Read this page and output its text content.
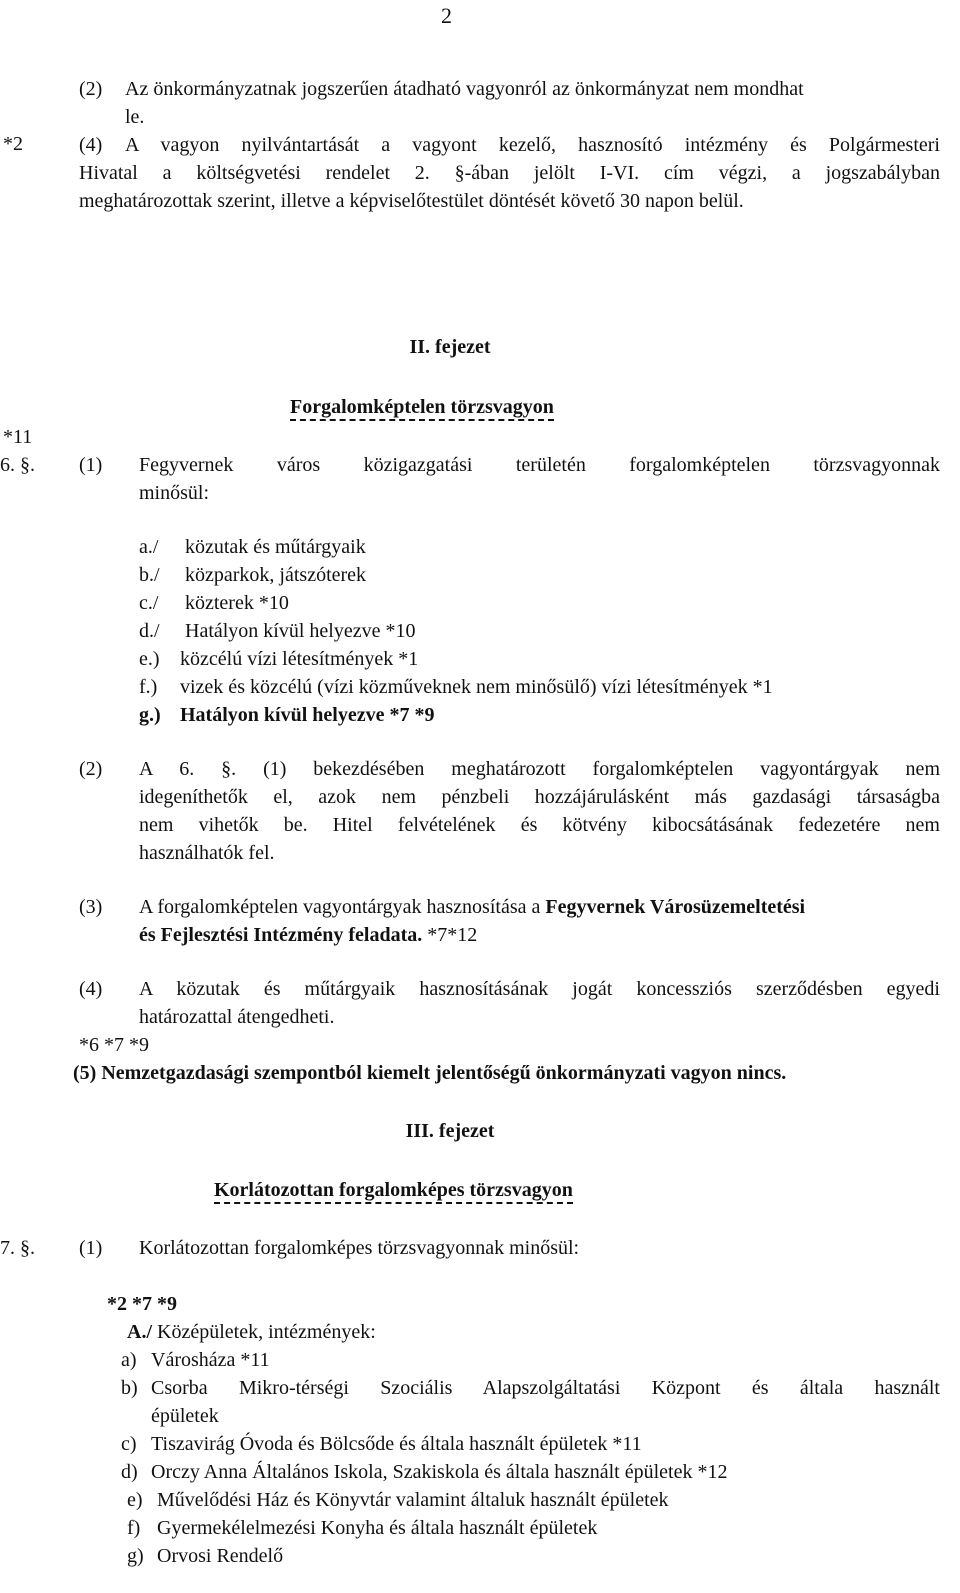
2
*2
*11
(2) Az önkormányzatnak jogszerűen átadható vagyonról az önkormányzat nem mondhat
le.
(4) A vagyon nyilvántartását a vagyont kezelő, hasznosító intézmény és Polgármesteri
Hivatal a költségvetési rendelet 2. §-ában jelölt I-VI. cím végzi, a jogszabályban
meghatározottak szerint, illetve a képviselőtestület döntését követő 30 napon belül.
II. fejezet
Forgalomképtelen törzsvagyon
6. §. (1) Fegyvernek város közigazgatási területén forgalomképtelen törzsvagyonnak
minősül:
a./ közutak és műtárgyaik
b./ közparkok, játszóterek
c./ közterek *10
d./ Hatályon kívül helyezve *10
e.) közcélú vízi létesítmények *1
f.) vizek és közcélú (vízi közműveknek nem minősülő) vízi létesítmények *1
g.) Hatályon kívül helyezve *7 *9
(2) A 6. §. (1) bekezdésében meghatározott forgalomképtelen vagyontárgyak nem
idegeníthetők el, azok nem pénzbeli hozzájárulásként más gazdasági társaságba
nem vihetők be. Hitel felvételének és kötvény kibocsátásának fedezetére nem
használhatók fel.
(3) A forgalomképtelen vagyontárgyak hasznosítása a Fegyvernek Városüzemeltetési
és Fejlesztési Intézmény feladata. *7*12
(4) A közutak és műtárgyaik hasznosításának jogát koncessziós szerződésben egyedi
határozattal átengedheti.
*6 *7 *9
(5) Nemzetgazdasági szempontból kiemelt jelentőségű önkormányzati vagyon nincs.
III. fejezet
Korlátozottan forgalomképes törzsvagyon
7. §. (1) Korlátozottan forgalomképes törzsvagyonnak minősül:
*2 *7 *9
A./ Középületek, intézmények:
a) Városháza *11
b) Csorba Mikro-térségi Szociális Alapszolgáltatási Központ és általa használt
épületek
c) Tiszavirág Óvoda és Bölcsőde és általa használt épületek *11
d) Orczy Anna Általános Iskola, Szakiskola és általa használt épületek *12
e) Művelődési Ház és Könyvtár valamint általuk használt épületek
f) Gyermekélelmezési Konyha és általa használt épületek
g) Orvosi Rendelő
